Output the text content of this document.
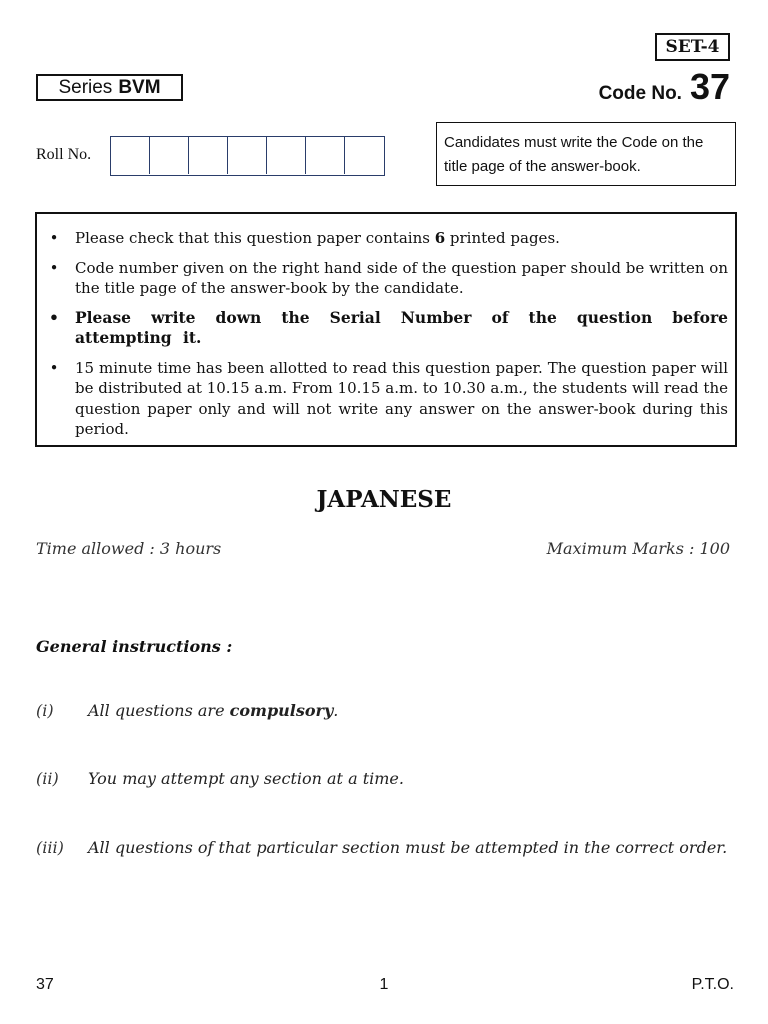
SET-4
Series BVM	Code No. 37
Roll No.
Candidates must write the Code on the title page of the answer-book.
•	Please check that this question paper contains 6 printed pages.
•	Code number given on the right hand side of the question paper should be written on the title page of the answer-book by the candidate.
• Please write down the Serial Number of the question before attempting it.
•	15 minute time has been allotted to read this question paper. The question paper will be distributed at 10.15 a.m. From 10.15 a.m. to 10.30 a.m., the students will read the question paper only and will not write any answer on the answer-book during this period.
JAPANESE
Time allowed : 3 hours	Maximum Marks : 100
General instructions :
(i)	All questions are compulsory.
(ii)	You may attempt any section at a time.
(iii)	All questions of that particular section must be attempted in the correct order.
37	1	P.T.O.
